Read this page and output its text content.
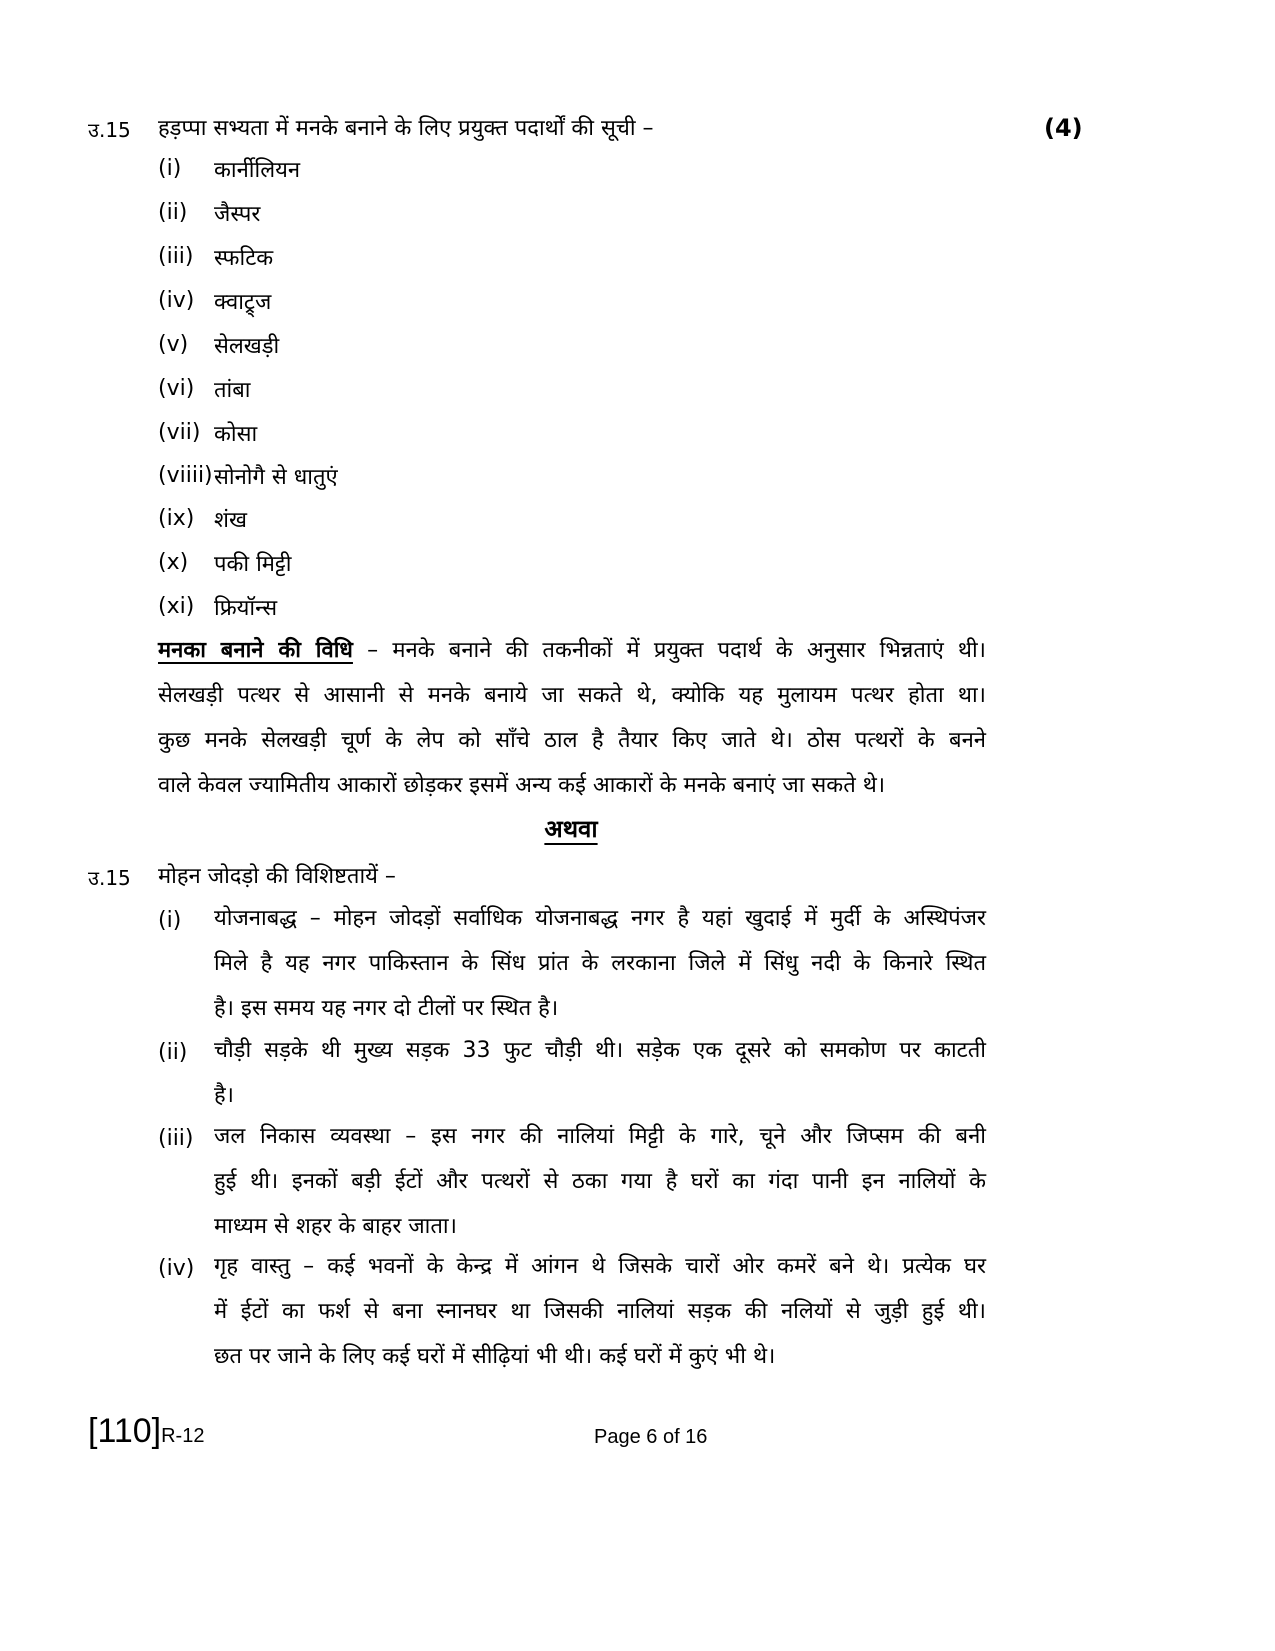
उ.15 हड़प्पा सभ्यता में मनके बनाने के लिए प्रयुक्त पदार्थों की सूची –	(4)
(i) कार्नीलियन
(ii) जैस्पर
(iii) स्फटिक
(iv) क्वाट्र्ज
(v) सेलखड़ी
(vi) तांबा
(vii) कोसा
(viiii) सोनोगै से धातुएं
(ix) शंख
(x) पकी मिट्टी
(xi) फ्रियॉन्स
मनका बनाने की विधि – मनके बनाने की तकनीकों में प्रयुक्त पदार्थ के अनुसार भिन्नताएं थी।
सेलखड़ी पत्थर से आसानी से मनके बनाये जा सकते थे, क्योकि यह मुलायम पत्थर होता था।
कुछ मनके सेलखड़ी चूर्ण के लेप को साँचे ठाल है तैयार किए जाते थे। ठोस पत्थरों के बनने
वाले केवल ज्यामितीय आकारों छोड़कर इसमें अन्य कई आकारों के मनके बनाएं जा सकते थे।
अथवा
उ.15 मोहन जोदड़ो की विशिष्टतायें –
(i) योजनाबद्ध – मोहन जोदड़ों सर्वाधिक योजनाबद्ध नगर है यहां खुदाई में मुर्दी के अस्थिपंजर
मिले है यह नगर पाकिस्तान के सिंध प्रांत के लरकाना जिले में सिंधु नदी के किनारे स्थित
है। इस समय यह नगर दो टीलों पर स्थित है।
(ii) चौड़ी सड़के थी मुख्य सड़क 33 फुट चौड़ी थी। सड़ेक एक दूसरे को समकोण पर काटती
है।
(iii) जल निकास व्यवस्था – इस नगर की नालियां मिट्टी के गारे, चूने और जिप्सम की बनी
हुई थी। इनकों बड़ी ईटों और पत्थरों से ठका गया है घरों का गंदा पानी इन नालियों के
माध्यम से शहर के बाहर जाता।
(iv) गृह वास्तु – कई भवनों के केन्द्र में आंगन थे जिसके चारों ओर कमरें बने थे। प्रत्येक घर
में ईटों का फर्श से बना स्नानघर था जिसकी नालियां सड़क की नलियों से जुड़ी हुई थी।
छत पर जाने के लिए कई घरों में सीढ़ियां भी थी। कई घरों में कुएं भी थे।
[110]R-12	Page 6 of 16
